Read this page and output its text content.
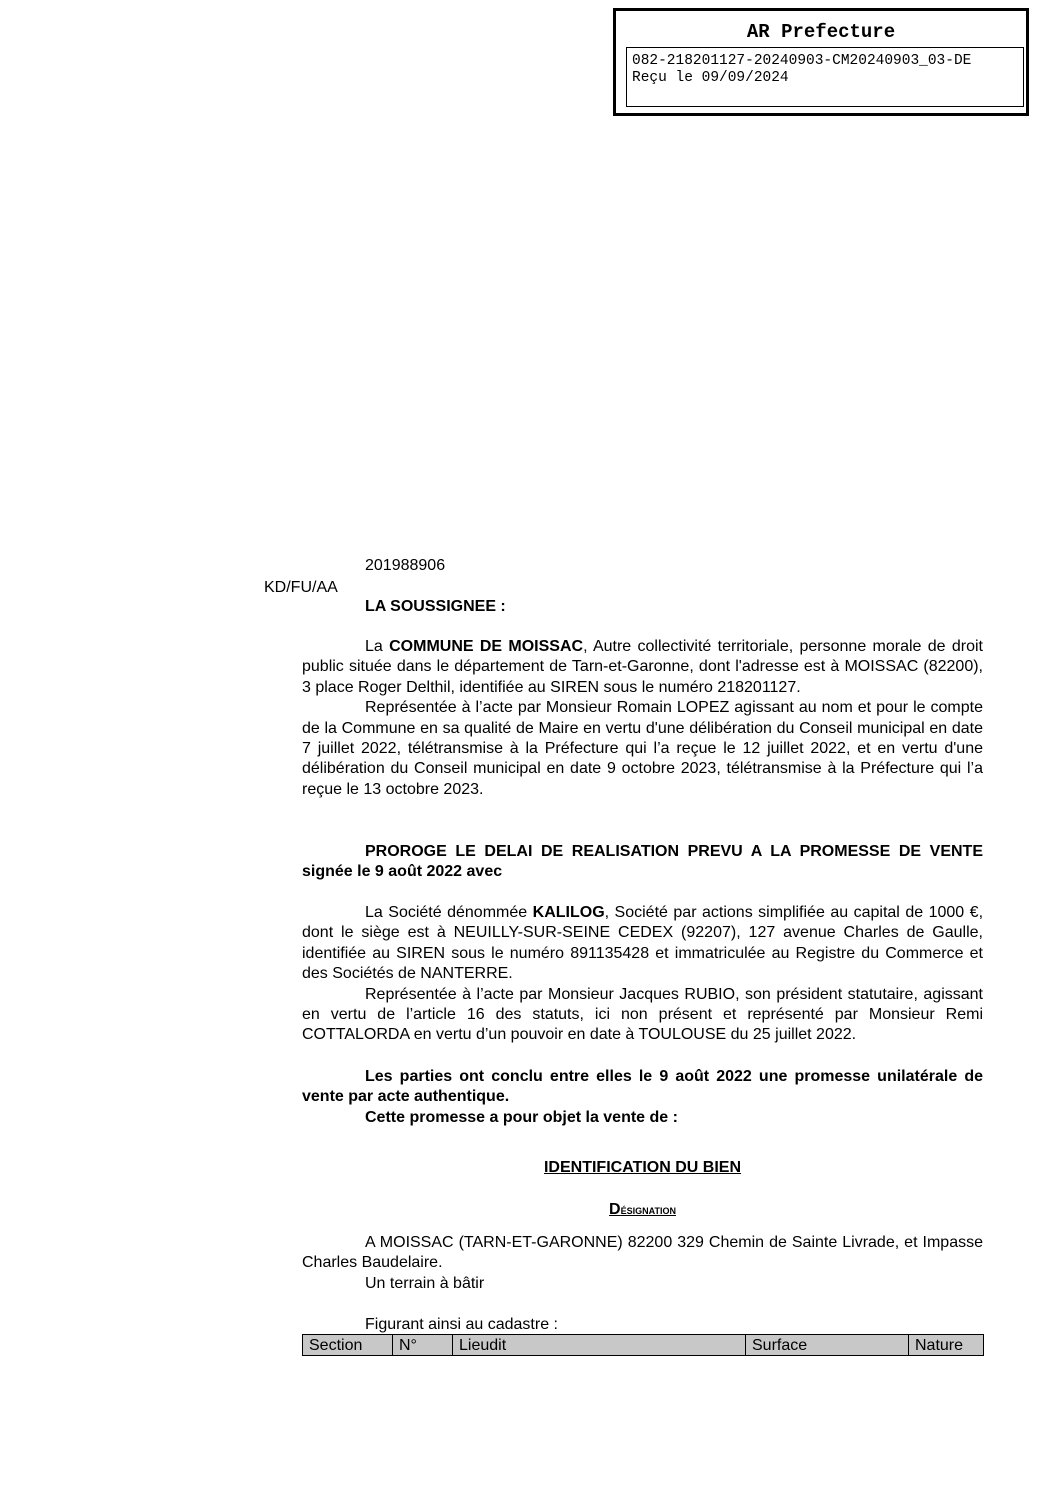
AR Prefecture
082-218201127-20240903-CM20240903_03-DE
Reçu le 09/09/2024
201988906
KD/FU/AA
LA SOUSSIGNEE :

La COMMUNE DE MOISSAC, Autre collectivité territoriale, personne morale de droit public située dans le département de Tarn-et-Garonne, dont l'adresse est à MOISSAC (82200), 3 place Roger Delthil, identifiée au SIREN sous le numéro 218201127.

Représentée à l’acte par Monsieur Romain LOPEZ agissant au nom et pour le compte de la Commune en sa qualité de Maire en vertu d'une délibération du Conseil municipal en date 7 juillet 2022, télétransmise à la Préfecture qui l’a reçue le 12 juillet 2022, et en vertu d'une délibération du Conseil municipal en date 9 octobre 2023, télétransmise à la Préfecture qui l’a reçue le 13 octobre 2023.

PROROGE LE DELAI DE REALISATION PREVU A LA PROMESSE DE VENTE signée le 9 août 2022 avec

La Société dénommée KALILOG, Société par actions simplifiée au capital de 1000 €, dont le siège est à NEUILLY-SUR-SEINE CEDEX (92207), 127 avenue Charles de Gaulle, identifiée au SIREN sous le numéro 891135428 et immatriculée au Registre du Commerce et des Sociétés de NANTERRE.

Représentée à l’acte par Monsieur Jacques RUBIO, son président statutaire, agissant en vertu de l’article 16 des statuts, ici non présent et représenté par Monsieur Remi COTTALORDA en vertu d’un pouvoir en date à TOULOUSE du 25 juillet 2022.

Les parties ont conclu entre elles le 9 août 2022 une promesse unilatérale de vente par acte authentique.

Cette promesse a pour objet la vente de :

IDENTIFICATION DU BIEN
Désignation

A MOISSAC (TARN-ET-GARONNE) 82200 329 Chemin de Sainte Livrade, et Impasse Charles Baudelaire.

Un terrain à bâtir

Figurant ainsi au cadastre :
Section	N°	Lieudit	Surface	Nature
